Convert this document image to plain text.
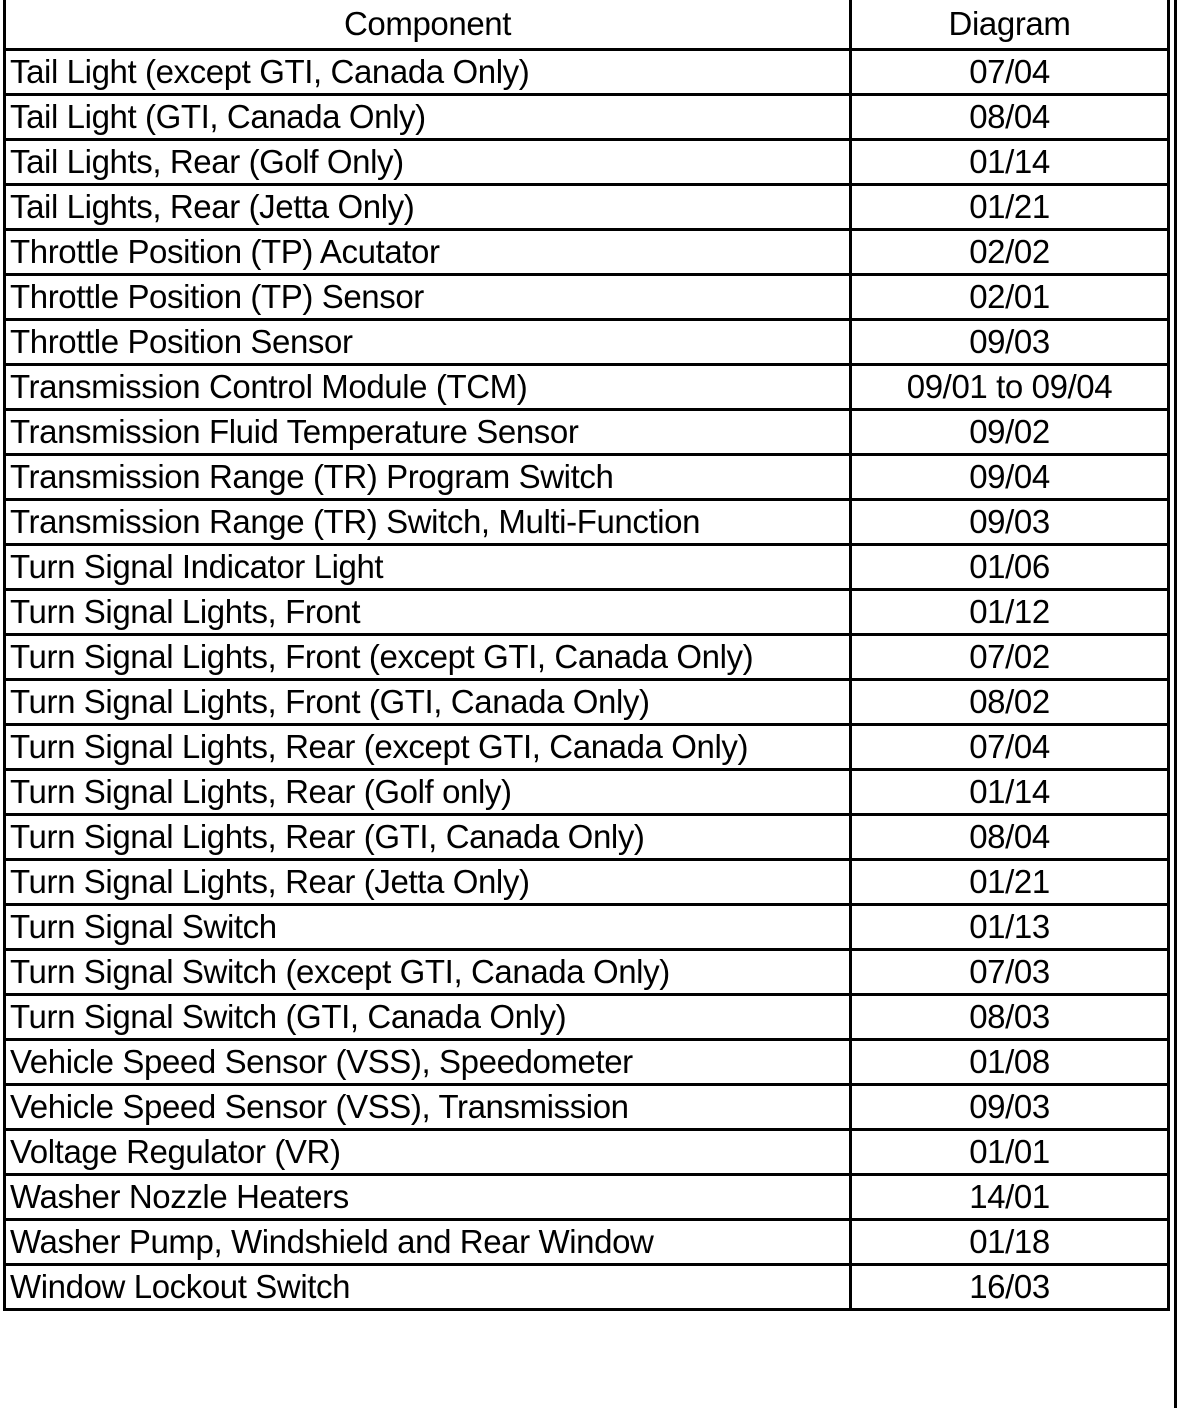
Component	Diagram
Tail Light (except GTI, Canada Only)	07/04
Tail Light (GTI, Canada Only)	08/04
Tail Lights, Rear (Golf Only)	01/14
Tail Lights, Rear (Jetta Only)	01/21
Throttle Position (TP) Acutator	02/02
Throttle Position (TP) Sensor	02/01
Throttle Position Sensor	09/03
Transmission Control Module (TCM)	09/01 to 09/04
Transmission Fluid Temperature Sensor	09/02
Transmission Range (TR) Program Switch	09/04
Transmission Range (TR) Switch, Multi-Function	09/03
Turn Signal Indicator Light	01/06
Turn Signal Lights, Front	01/12
Turn Signal Lights, Front (except GTI, Canada Only)	07/02
Turn Signal Lights, Front (GTI, Canada Only)	08/02
Turn Signal Lights, Rear (except GTI, Canada Only)	07/04
Turn Signal Lights, Rear (Golf only)	01/14
Turn Signal Lights, Rear (GTI, Canada Only)	08/04
Turn Signal Lights, Rear (Jetta Only)	01/21
Turn Signal Switch	01/13
Turn Signal Switch (except GTI, Canada Only)	07/03
Turn Signal Switch (GTI, Canada Only)	08/03
Vehicle Speed Sensor (VSS), Speedometer	01/08
Vehicle Speed Sensor (VSS), Transmission	09/03
Voltage Regulator (VR)	01/01
Washer Nozzle Heaters	14/01
Washer Pump, Windshield and Rear Window	01/18
Window Lockout Switch	16/03
